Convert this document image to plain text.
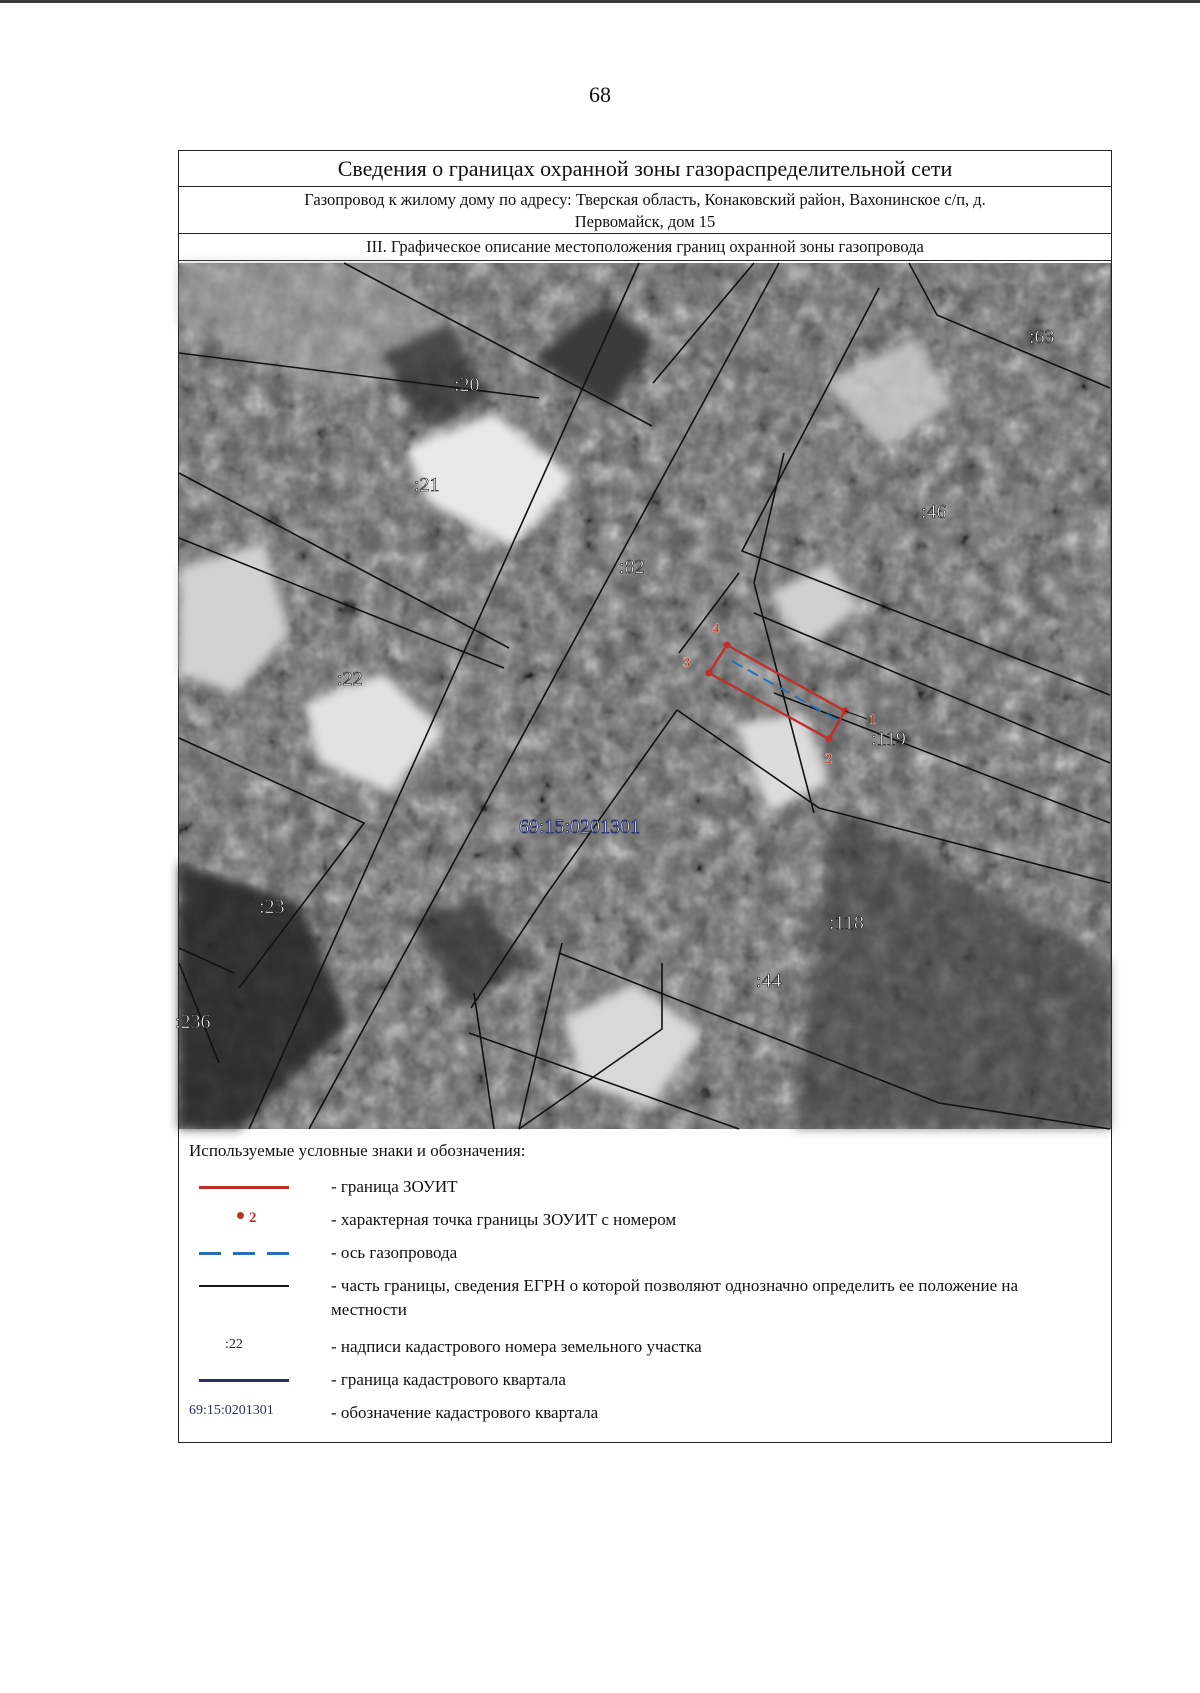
68
Сведения о границах охранной зоны газораспределительной сети
Газопровод к жилому дому по адресу: Тверская область, Конаковский район, Вахонинское с/п, д.
Первомайск, дом 15
III. Графическое описание местоположения границ охранной зоны газопровода
:20
:21
:82
:22
:63
:46
:119
:23
:118
:44
:236
69:15:0201301
1
2
3
4
Используемые условные знаки и обозначения:
- граница ЗОУИТ
2	- характерная точка границы ЗОУИТ с номером
- ось газопровода
- часть границы, сведения ЕГРН о которой позволяют однозначно определить ее положение на местности
:22	- надписи кадастрового номера земельного участка
- граница кадастрового квартала
69:15:0201301	- обозначение кадастрового квартала
